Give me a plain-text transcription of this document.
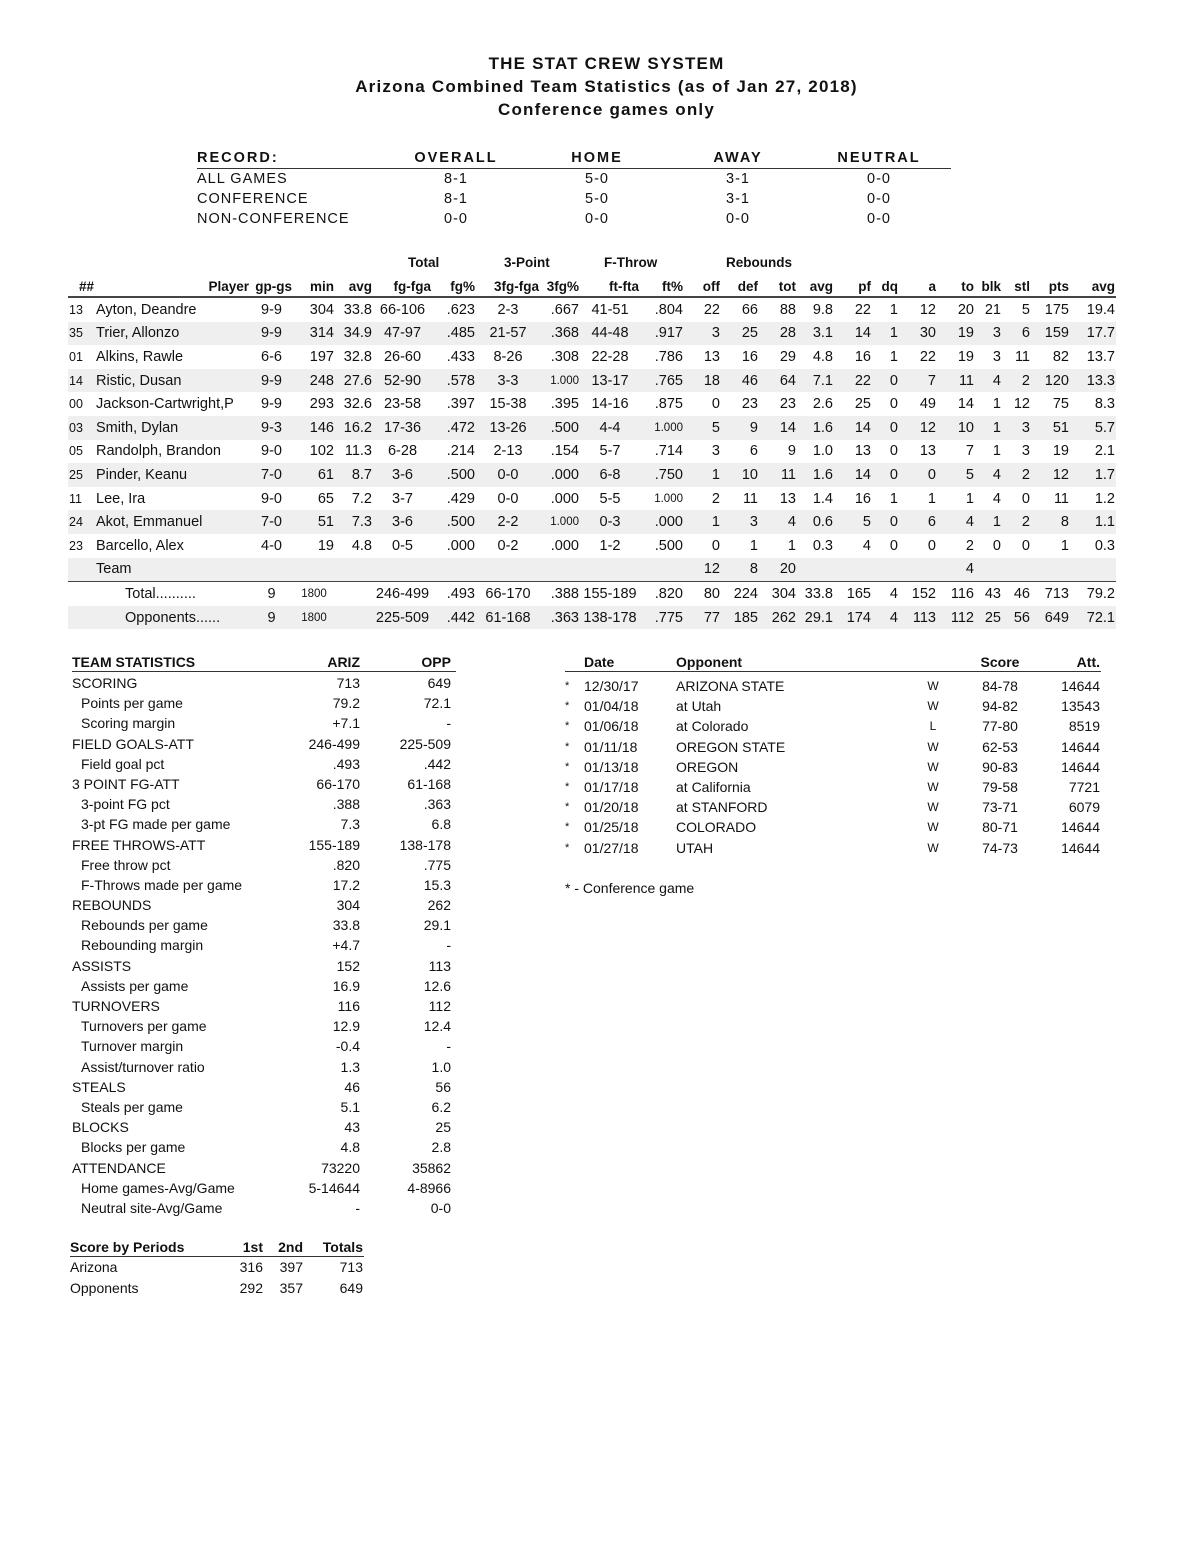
THE STAT CREW SYSTEM
Arizona Combined Team Statistics (as of Jan 27, 2018)
Conference games only
RECORD:	OVERALL	HOME	AWAY	NEUTRAL
ALL GAMES	8-1	5-0	3-1	0-0
CONFERENCE	8-1	5-0	3-1	0-0
NON-CONFERENCE	0-0	0-0	0-0	0-0
Total	3-Point	F-Throw	Rebounds
##	Player	gp-gs	min	avg	fg-fga	fg%	3fg-fga	3fg%	ft-fta	ft%	off	def	tot	avg	pf	dq	a	to	blk	stl	pts	avg
13	Ayton, Deandre	9-9	304	33.8	66-106	.623	2-3	.667	41-51	.804	22	66	88	9.8	22	1	12	20	21	5	175	19.4
35	Trier, Allonzo	9-9	314	34.9	47-97	.485	21-57	.368	44-48	.917	3	25	28	3.1	14	1	30	19	3	6	159	17.7
01	Alkins, Rawle	6-6	197	32.8	26-60	.433	8-26	.308	22-28	.786	13	16	29	4.8	16	1	22	19	3	11	82	13.7
14	Ristic, Dusan	9-9	248	27.6	52-90	.578	3-3	1.000	13-17	.765	18	46	64	7.1	22	0	7	11	4	2	120	13.3
00	Jackson-Cartwright,P	9-9	293	32.6	23-58	.397	15-38	.395	14-16	.875	0	23	23	2.6	25	0	49	14	1	12	75	8.3
03	Smith, Dylan	9-3	146	16.2	17-36	.472	13-26	.500	4-4	1.000	5	9	14	1.6	14	0	12	10	1	3	51	5.7
05	Randolph, Brandon	9-0	102	11.3	6-28	.214	2-13	.154	5-7	.714	3	6	9	1.0	13	0	13	7	1	3	19	2.1
25	Pinder, Keanu	7-0	61	8.7	3-6	.500	0-0	.000	6-8	.750	1	10	11	1.6	14	0	0	5	4	2	12	1.7
11	Lee, Ira	9-0	65	7.2	3-7	.429	0-0	.000	5-5	1.000	2	11	13	1.4	16	1	1	1	4	0	11	1.2
24	Akot, Emmanuel	7-0	51	7.3	3-6	.500	2-2	1.000	0-3	.000	1	3	4	0.6	5	0	6	4	1	2	8	1.1
23	Barcello, Alex	4-0	19	4.8	0-5	.000	0-2	.000	1-2	.500	0	1	1	0.3	4	0	0	2	0	0	1	0.3
	Team										12	8	20					4				
	Total..........	9	1800		246-499	.493	66-170	.388	155-189	.820	80	224	304	33.8	165	4	152	116	43	46	713	79.2
	Opponents......	9	1800		225-509	.442	61-168	.363	138-178	.775	77	185	262	29.1	174	4	113	112	25	56	649	72.1
TEAM STATISTICS	ARIZ	OPP
SCORING	713	649
Points per game	79.2	72.1
Scoring margin	+7.1	-
FIELD GOALS-ATT	246-499	225-509
Field goal pct	.493	.442
3 POINT FG-ATT	66-170	61-168
3-point FG pct	.388	.363
3-pt FG made per game	7.3	6.8
FREE THROWS-ATT	155-189	138-178
Free throw pct	.820	.775
F-Throws made per game	17.2	15.3
REBOUNDS	304	262
Rebounds per game	33.8	29.1
Rebounding margin	+4.7	-
ASSISTS	152	113
Assists per game	16.9	12.6
TURNOVERS	116	112
Turnovers per game	12.9	12.4
Turnover margin	-0.4	-
Assist/turnover ratio	1.3	1.0
STEALS	46	56
Steals per game	5.1	6.2
BLOCKS	43	25
Blocks per game	4.8	2.8
ATTENDANCE	73220	35862
Home games-Avg/Game	5-14644	4-8966
Neutral site-Avg/Game	-	0-0
Score by Periods	1st 2nd Totals
Arizona	316 397	713
Opponents	292 357	649
Date	Opponent	Score	Att.
* 12/30/17	ARIZONA STATE	W	84-78	14644
* 01/04/18	at Utah	W	94-82	13543
* 01/06/18	at Colorado	L	77-80	8519
* 01/11/18	OREGON STATE	W	62-53	14644
* 01/13/18	OREGON	W	90-83	14644
* 01/17/18	at California	W	79-58	7721
* 01/20/18	at STANFORD	W	73-71	6079
* 01/25/18	COLORADO	W	80-71	14644
* 01/27/18	UTAH	W	74-73	14644
* - Conference game
